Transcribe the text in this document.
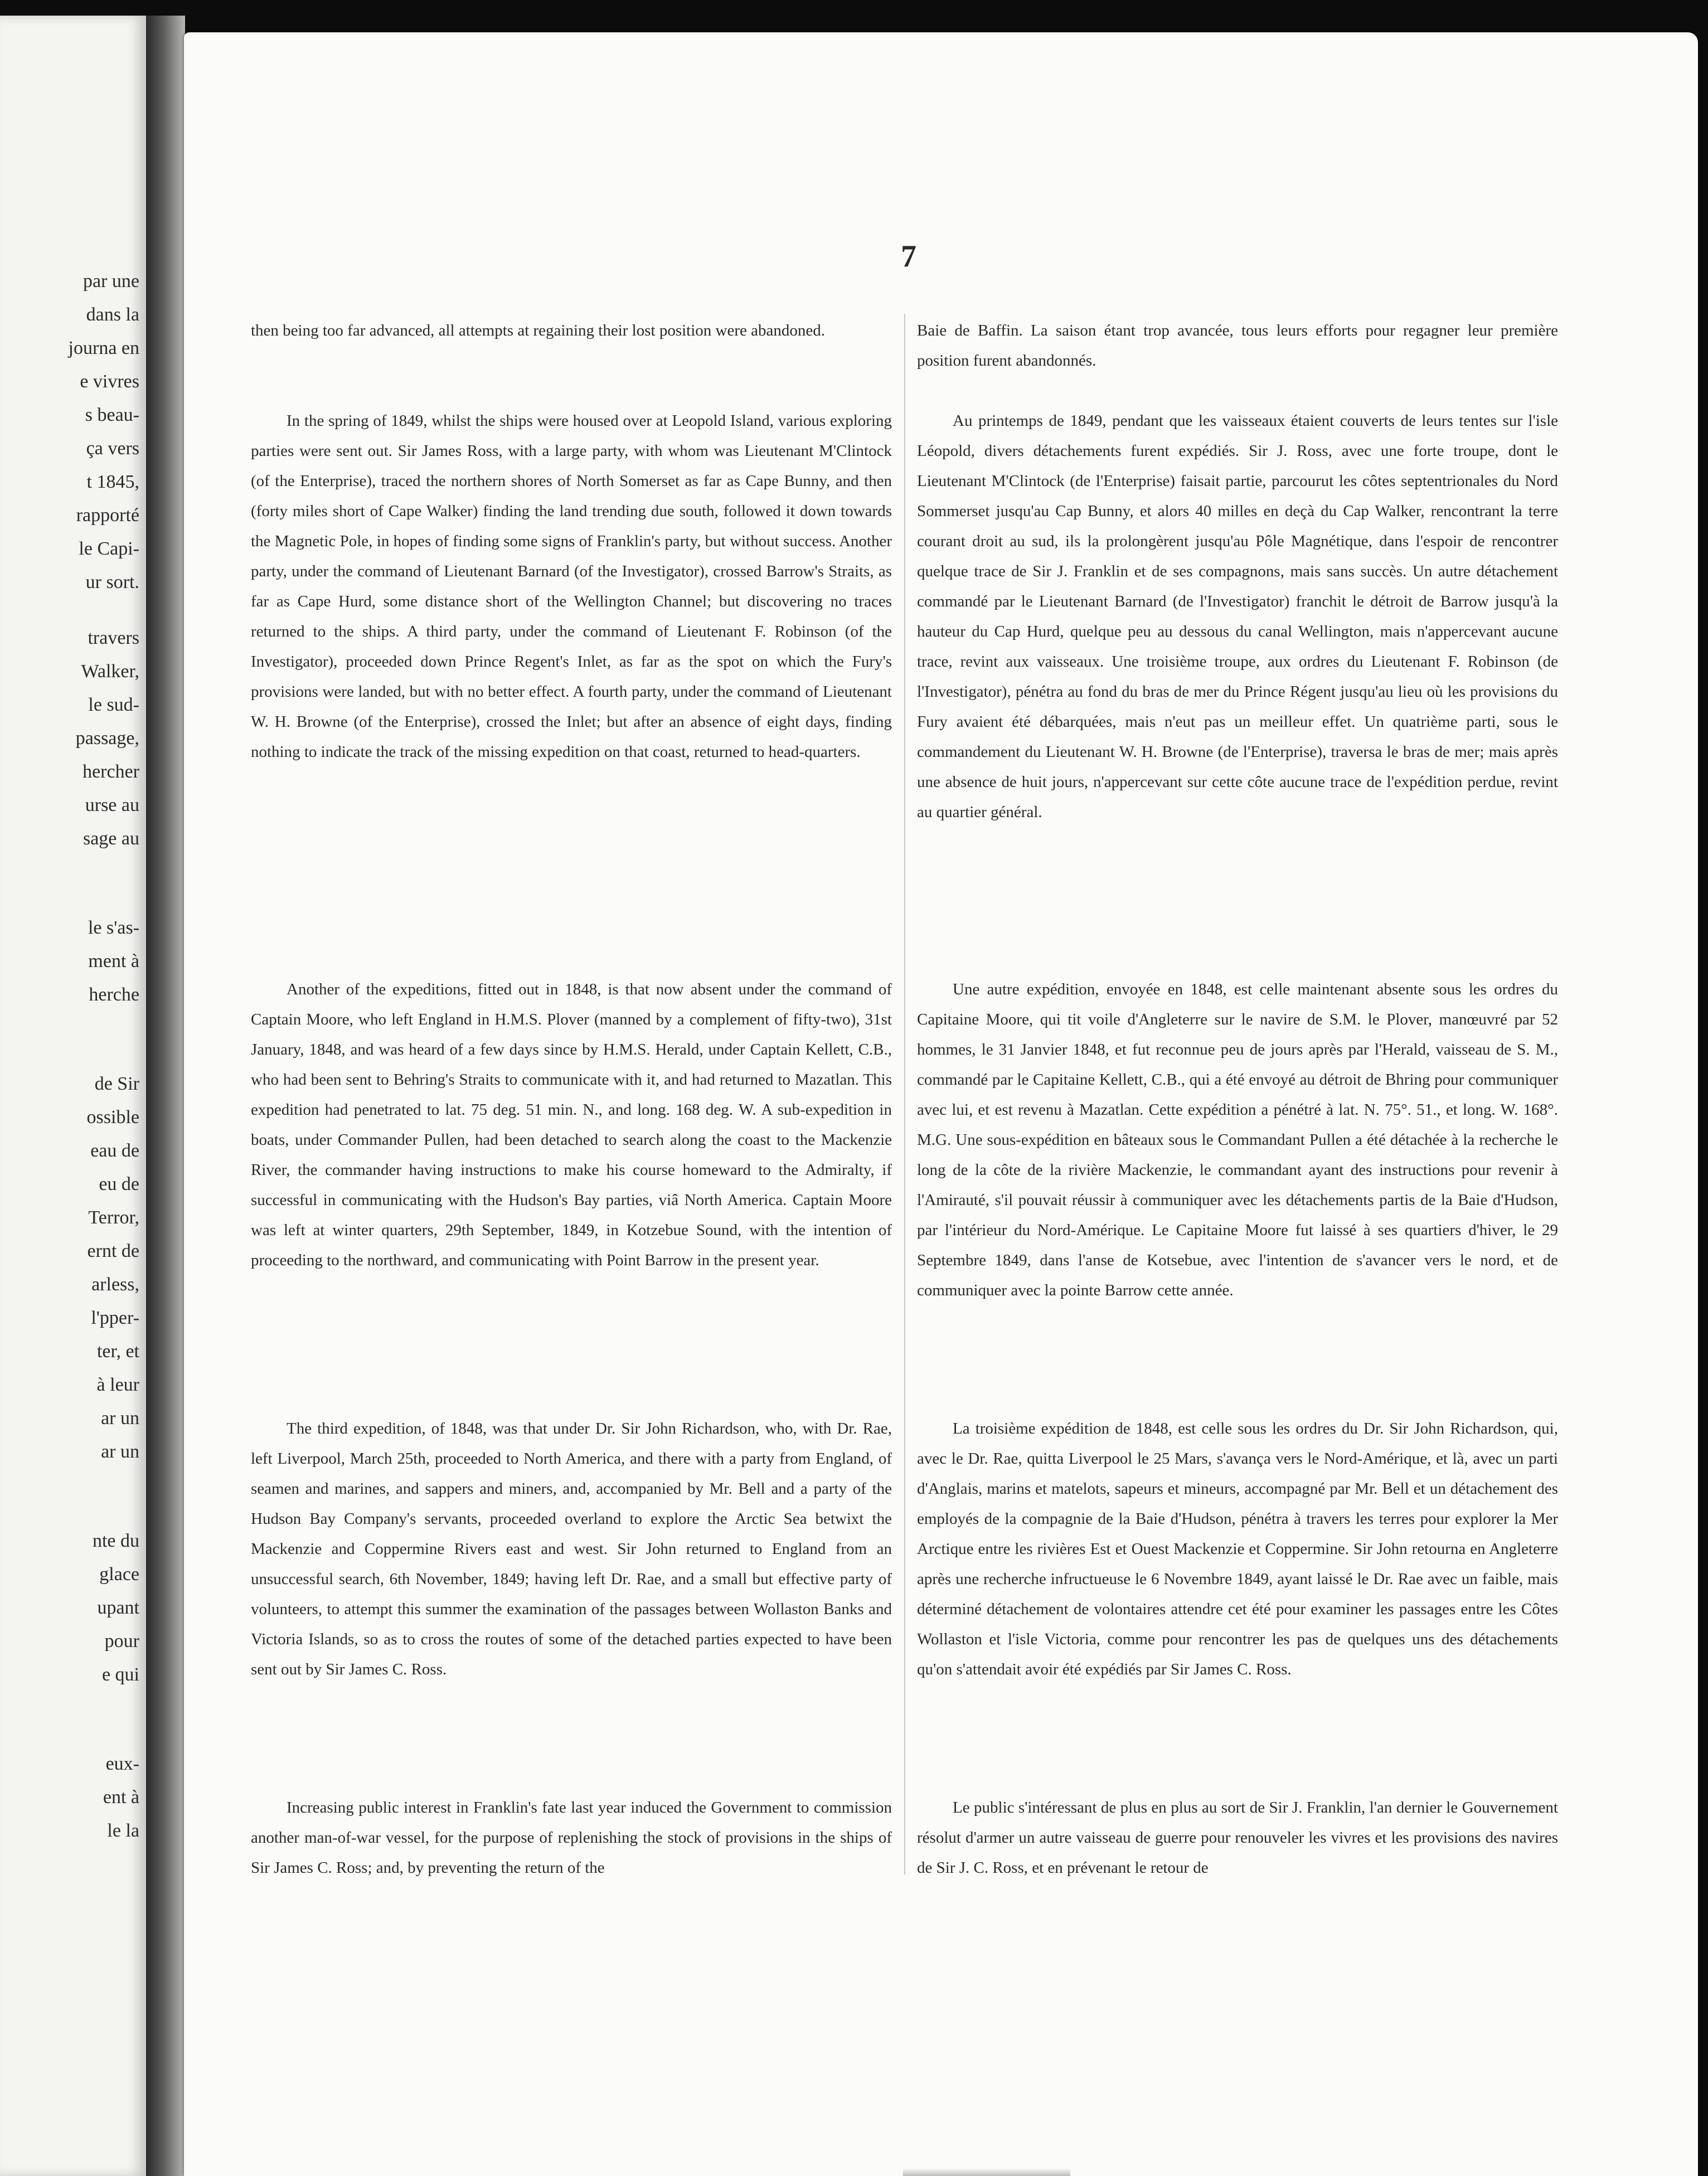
par une
dans la
journa en
e vivres
s beau-
ça vers
t 1845,
rapporté
le Capi-
ur sort.
travers
Walker,
le sud-
passage,
hercher
urse au
sage au
le s'as-
ment à
herche
de Sir
ossible
eau de
eu de
Terror,
ernt de
arless,
l'pper-
ter, et
à leur
ar un
ar un
nte du
glace
upant
pour
e qui
eux-
ent à
le la
7

then being too far advanced, all attempts at regaining their lost position were abandoned.

In the spring of 1849, whilst the ships were housed over at Leopold Island, various exploring parties were sent out. Sir James Ross, with a large party, with whom was Lieutenant M'Clintock (of the Enterprise), traced the northern shores of North Somerset as far as Cape Bunny, and then (forty miles short of Cape Walker) finding the land trending due south, followed it down towards the Magnetic Pole, in hopes of finding some signs of Franklin's party, but without success. Another party, under the command of Lieutenant Barnard (of the Investigator), crossed Barrow's Straits, as far as Cape Hurd, some distance short of the Wellington Channel; but discovering no traces returned to the ships. A third party, under the command of Lieutenant F. Robinson (of the Investigator), proceeded down Prince Regent's Inlet, as far as the spot on which the Fury's provisions were landed, but with no better effect. A fourth party, under the command of Lieutenant W. H. Browne (of the Enterprise), crossed the Inlet; but after an absence of eight days, finding nothing to indicate the track of the missing expedition on that coast, returned to head-quarters.

Another of the expeditions, fitted out in 1848, is that now absent under the command of Captain Moore, who left England in H.M.S. Plover (manned by a complement of fifty-two), 31st January, 1848, and was heard of a few days since by H.M.S. Herald, under Captain Kellett, C.B., who had been sent to Behring's Straits to communicate with it, and had returned to Mazatlan. This expedition had penetrated to lat. 75 deg. 51 min. N., and long. 168 deg. W. A sub-expedition in boats, under Commander Pullen, had been detached to search along the coast to the Mackenzie River, the commander having instructions to make his course homeward to the Admiralty, if successful in communicating with the Hudson's Bay parties, viâ North America. Captain Moore was left at winter quarters, 29th September, 1849, in Kotzebue Sound, with the intention of proceeding to the northward, and communicating with Point Barrow in the present year.

The third expedition, of 1848, was that under Dr. Sir John Richardson, who, with Dr. Rae, left Liverpool, March 25th, proceeded to North America, and there with a party from England, of seamen and marines, and sappers and miners, and, accompanied by Mr. Bell and a party of the Hudson Bay Company's servants, proceeded overland to explore the Arctic Sea betwixt the Mackenzie and Coppermine Rivers east and west. Sir John returned to England from an unsuccessful search, 6th November, 1849; having left Dr. Rae, and a small but effective party of volunteers, to attempt this summer the examination of the passages between Wollaston Banks and Victoria Islands, so as to cross the routes of some of the detached parties expected to have been sent out by Sir James C. Ross.

Increasing public interest in Franklin's fate last year induced the Government to commission another man-of-war vessel, for the purpose of replenishing the stock of provisions in the ships of Sir James C. Ross; and, by preventing the return of the

Baie de Baffin. La saison étant trop avancée, tous leurs efforts pour regagner leur première position furent abandonnés.

Au printemps de 1849, pendant que les vaisseaux étaient couverts de leurs tentes sur l'isle Léopold, divers détachements furent expédiés. Sir J. Ross, avec une forte troupe, dont le Lieutenant M'Clintock (de l'Enterprise) faisait partie, parcourut les côtes septentrionales du Nord Sommerset jusqu'au Cap Bunny, et alors 40 milles en deçà du Cap Walker, rencontrant la terre courant droit au sud, ils la prolongèrent jusqu'au Pôle Magnétique, dans l'espoir de rencontrer quelque trace de Sir J. Franklin et de ses compagnons, mais sans succès. Un autre détachement commandé par le Lieutenant Barnard (de l'Investigator) franchit le détroit de Barrow jusqu'à la hauteur du Cap Hurd, quelque peu au dessous du canal Wellington, mais n'appercevant aucune trace, revint aux vaisseaux. Une troisième troupe, aux ordres du Lieutenant F. Robinson (de l'Investigator), pénétra au fond du bras de mer du Prince Régent jusqu'au lieu où les provisions du Fury avaient été débarquées, mais n'eut pas un meilleur effet. Un quatrième parti, sous le commandement du Lieutenant W. H. Browne (de l'Enterprise), traversa le bras de mer; mais après une absence de huit jours, n'appercevant sur cette côte aucune trace de l'expédition perdue, revint au quartier général.

Une autre expédition, envoyée en 1848, est celle maintenant absente sous les ordres du Capitaine Moore, qui tit voile d'Angleterre sur le navire de S.M. le Plover, manœuvré par 52 hommes, le 31 Janvier 1848, et fut reconnue peu de jours après par l'Herald, vaisseau de S. M., commandé par le Capitaine Kellett, C.B., qui a été envoyé au détroit de Bhring pour communiquer avec lui, et est revenu à Mazatlan. Cette expédition a pénétré à lat. N. 75°. 51., et long. W. 168°. M.G. Une sous-expédition en bâteaux sous le Commandant Pullen a été détachée à la recherche le long de la côte de la rivière Mackenzie, le commandant ayant des instructions pour revenir à l'Amirauté, s'il pouvait réussir à communiquer avec les détachements partis de la Baie d'Hudson, par l'intérieur du Nord-Amérique. Le Capitaine Moore fut laissé à ses quartiers d'hiver, le 29 Septembre 1849, dans l'anse de Kotsebue, avec l'intention de s'avancer vers le nord, et de communiquer avec la pointe Barrow cette année.

La troisième expédition de 1848, est celle sous les ordres du Dr. Sir John Richardson, qui, avec le Dr. Rae, quitta Liverpool le 25 Mars, s'avança vers le Nord-Amérique, et là, avec un parti d'Anglais, marins et matelots, sapeurs et mineurs, accompagné par Mr. Bell et un détachement des employés de la compagnie de la Baie d'Hudson, pénétra à travers les terres pour explorer la Mer Arctique entre les rivières Est et Ouest Mackenzie et Coppermine. Sir John retourna en Angleterre après une recherche infructueuse le 6 Novembre 1849, ayant laissé le Dr. Rae avec un faible, mais déterminé détachement de volontaires attendre cet été pour examiner les passages entre les Côtes Wollaston et l'isle Victoria, comme pour rencontrer les pas de quelques uns des détachements qu'on s'attendait avoir été expédiés par Sir James C. Ross.

Le public s'intéressant de plus en plus au sort de Sir J. Franklin, l'an dernier le Gouvernement résolut d'armer un autre vaisseau de guerre pour renouveler les vivres et les provisions des navires de Sir J. C. Ross, et en prévenant le retour de
